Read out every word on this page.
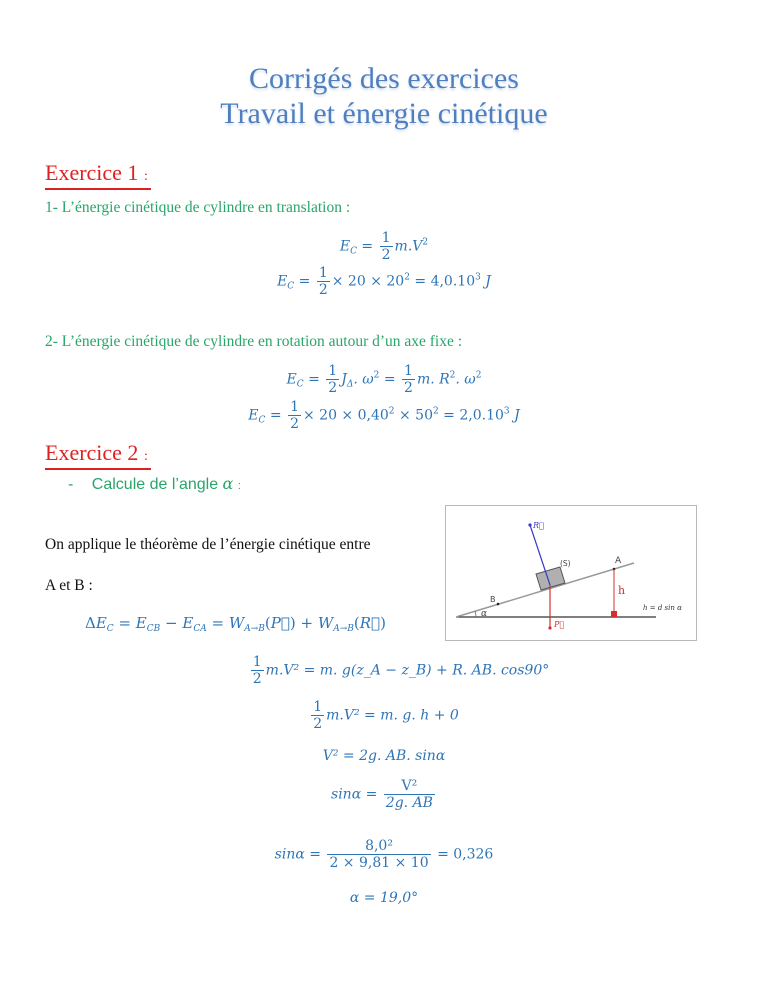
Corrigés des exercices
Travail et énergie cinétique
Exercice 1 :
1- L’énergie cinétique de cylindre en translation :
$E_C = \frac{1}{2} m.V^2$
$E_C = \frac{1}{2} \times 20 \times 20^2 = 4,0.10^3$ J
2- L’énergie cinétique de cylindre en rotation autour d’un axe fixe :
$E_C = \frac{1}{2} J_\Delta$. $\omega^2 = \frac{1}{2} m$. $R^2$. $\omega^2$
$E_C = \frac{1}{2} \times 20 \times 0,40^2 \times 50^2 = 2,0.10^3$ J
Exercice 2 :
- Calcule de l’angle α :
On applique le théorème de l’énergie cinétique entre
A et B :
α
B
A
(S)
R⃗
P⃗
h
h = d sin α
$\Delta E_C = E_{CB} - E_{CA}$ = $W_{A\to B}(P⃗)$ + $W_{A\to B}(R⃗)$
$\frac{1}{2} m.V^2 = m$. g(z_A − z_B) + R. AB. cos90°
$\frac{1}{2} m.V^2 = m$. g. h + 0
V² = 2g. AB. sinα
$\sin\alpha = \frac{\text{V²}}{2g. AB}$
$\sin\alpha = \frac{\text{8,0²}}{2 \times 9,81 \times 10} = 0,326$
α = 19,0°
